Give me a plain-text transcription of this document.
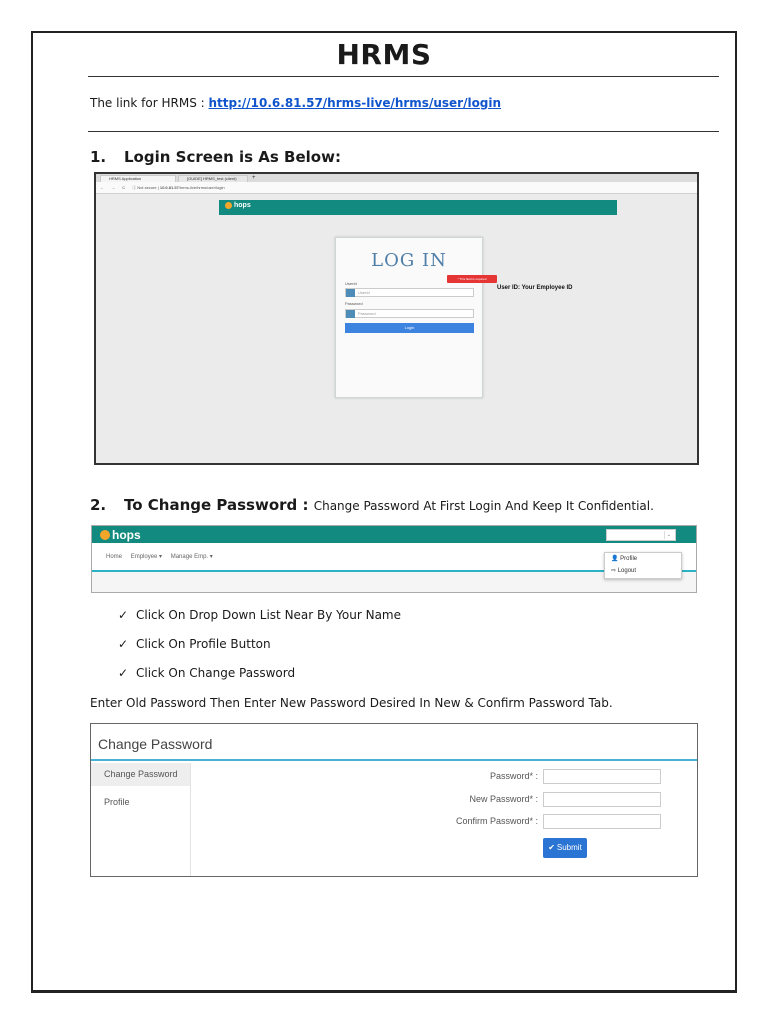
HRMS
The link for HRMS : http://10.6.81.57/hrms-live/hrms/user/login
1. Login Screen is As Below:
HRMS Application	[GUIDE] HRMS_test (client)	+
← → C ⓘ Not secure | 10.6.81.57/hrms-live/hrms/user/login
hops
LOG IN
UserId
UserId
Password
Password
Login
* This field is required
User ID: Your Employee ID
2. To Change Password : Change Password At First Login And Keep It Confidential.
hops	⌄
Home Employee ▾ Manage Emp. ▾	👤 Profile
⇨ Logout
✓ Click On Drop Down List Near By Your Name
✓ Click On Profile Button
✓ Click On Change Password
Enter Old Password Then Enter New Password Desired In New & Confirm Password Tab.
Change Password
Change Password
Profile
Password* :
New Password* :
Confirm Password* :
✔ Submit
